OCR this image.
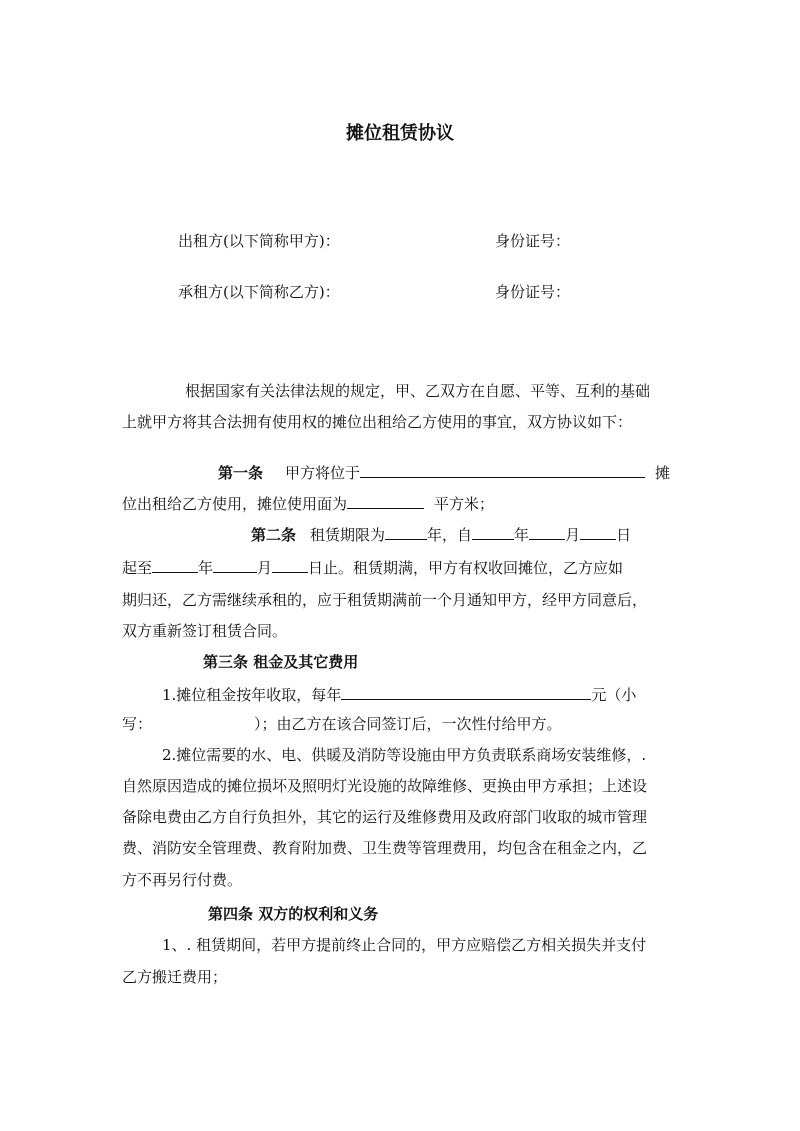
摊位租赁协议
出租方(以下简称甲方)：	身份证号：
承租方(以下简称乙方)：	身份证号：
根据国家有关法律法规的规定，甲、乙双方在自愿、平等、互利的基础
上就甲方将其合法拥有使用权的摊位出租给乙方使用的事宜，双方协议如下：
第一条 甲方将位于	摊
位出租给乙方使用，摊位使用面为	平方米；
第二条 租赁期限为	年，自	年 月 日
起至	年	月 日止。租赁期满，甲方有权收回摊位，乙方应如
期归还，乙方需继续承租的，应于租赁期满前一个月通知甲方，经甲方同意后，
双方重新签订租赁合同。
第三条 租金及其它费用
1.摊位租金按年收取，每年	元（小
写：	）；由乙方在该合同签订后，一次性付给甲方。
2.摊位需要的水、电、供暖及消防等设施由甲方负责联系商场安装维修，.
自然原因造成的摊位损坏及照明灯光设施的故障维修、更换由甲方承担；上述设
备除电费由乙方自行负担外，其它的运行及维修费用及政府部门收取的城市管理
费、消防安全管理费、教育附加费、卫生费等管理费用，均包含在租金之内，乙
方不再另行付费。
第四条 双方的权利和义务
1、. 租赁期间，若甲方提前终止合同的，甲方应赔偿乙方相关损失并支付
乙方搬迁费用；
